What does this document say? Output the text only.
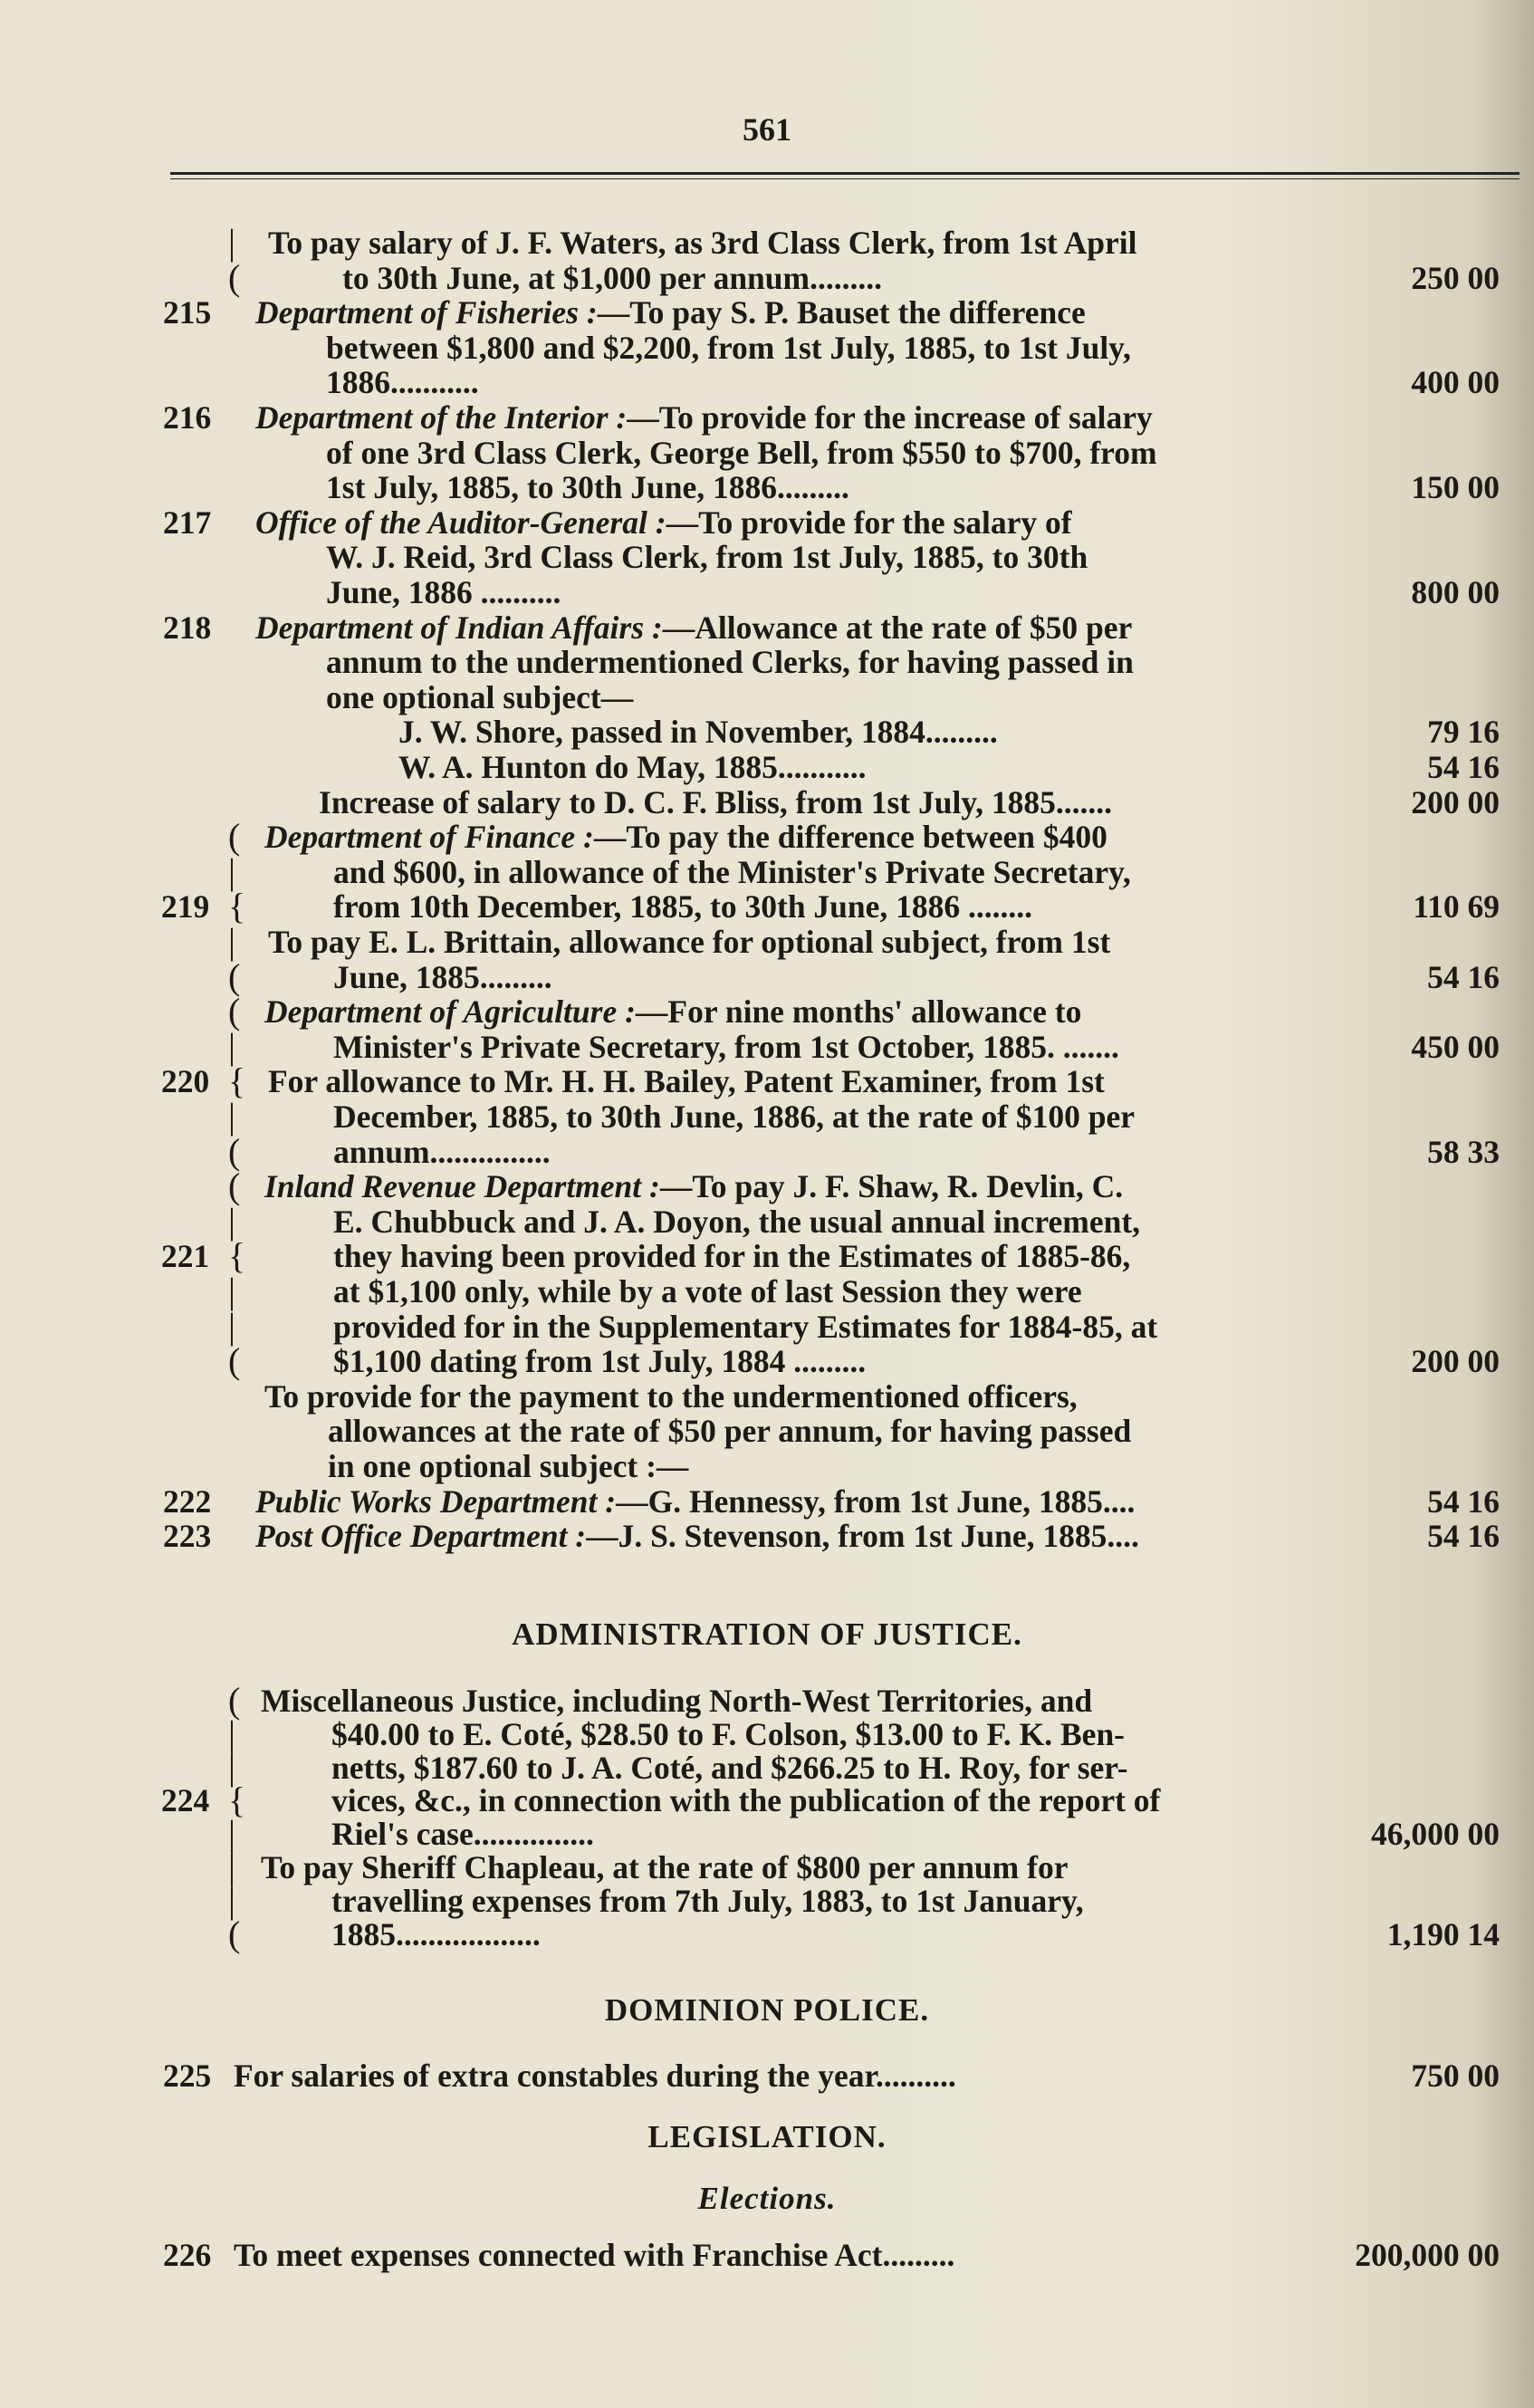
561
| To pay salary of J. F. Waters, as 3rd Class Clerk, from 1st April
(	to 30th June, at $1,000 per annum.........	250 00
215 Department of Fisheries :—To pay S. P. Bauset the difference
between $1,800 and $2,200, from 1st July, 1885, to 1st July,
1886...........	400 00
216 Department of the Interior :—To provide for the increase of salary
of one 3rd Class Clerk, George Bell, from $550 to $700, from
1st July, 1885, to 30th June, 1886.........	150 00
217 Office of the Auditor-General :—To provide for the salary of
W. J. Reid, 3rd Class Clerk, from 1st July, 1885, to 30th
June, 1886 ..........	800 00
218 Department of Indian Affairs :—Allowance at the rate of $50 per
annum to the undermentioned Clerks, for having passed in
one optional subject—
J. W. Shore, passed in November, 1884.........	79 16
W. A. Hunton do May, 1885...........	54 16
Increase of salary to D. C. F. Bliss, from 1st July, 1885.......	200 00
( Department of Finance :—To pay the difference between $400
|	and $600, in allowance of the Minister's Private Secretary,
219 {	from 10th December, 1885, to 30th June, 1886 ........	110 69
| To pay E. L. Brittain, allowance for optional subject, from 1st
(	June, 1885.........	54 16
( Department of Agriculture :—For nine months' allowance to
|	Minister's Private Secretary, from 1st October, 1885. .......	450 00
220 { For allowance to Mr. H. H. Bailey, Patent Examiner, from 1st
|	December, 1885, to 30th June, 1886, at the rate of $100 per
(	annum...............	58 33
( Inland Revenue Department :—To pay J. F. Shaw, R. Devlin, C.
|	E. Chubbuck and J. A. Doyon, the usual annual increment,
221 {	they having been provided for in the Estimates of 1885-86,
|	at $1,100 only, while by a vote of last Session they were
|	provided for in the Supplementary Estimates for 1884-85, at
(	$1,100 dating from 1st July, 1884 .........	200 00
To provide for the payment to the undermentioned officers,
allowances at the rate of $50 per annum, for having passed
in one optional subject :—
222 Public Works Department :—G. Hennessy, from 1st June, 1885....	54 16
223 Post Office Department :—J. S. Stevenson, from 1st June, 1885....	54 16
ADMINISTRATION OF JUSTICE.
( Miscellaneous Justice, including North-West Territories, and
|	$40.00 to E. Coté, $28.50 to F. Colson, $13.00 to F. K. Ben-
|	netts, $187.60 to J. A. Coté, and $266.25 to H. Roy, for ser-
224 {	vices, &c., in connection with the publication of the report of
|	Riel's case...............	46,000 00
| To pay Sheriff Chapleau, at the rate of $800 per annum for
|	travelling expenses from 7th July, 1883, to 1st January,
(	1885..................	1,190 14
DOMINION POLICE.
225 For salaries of extra constables during the year..........	750 00
LEGISLATION.
Elections.
226 To meet expenses connected with Franchise Act.........	200,000 00
